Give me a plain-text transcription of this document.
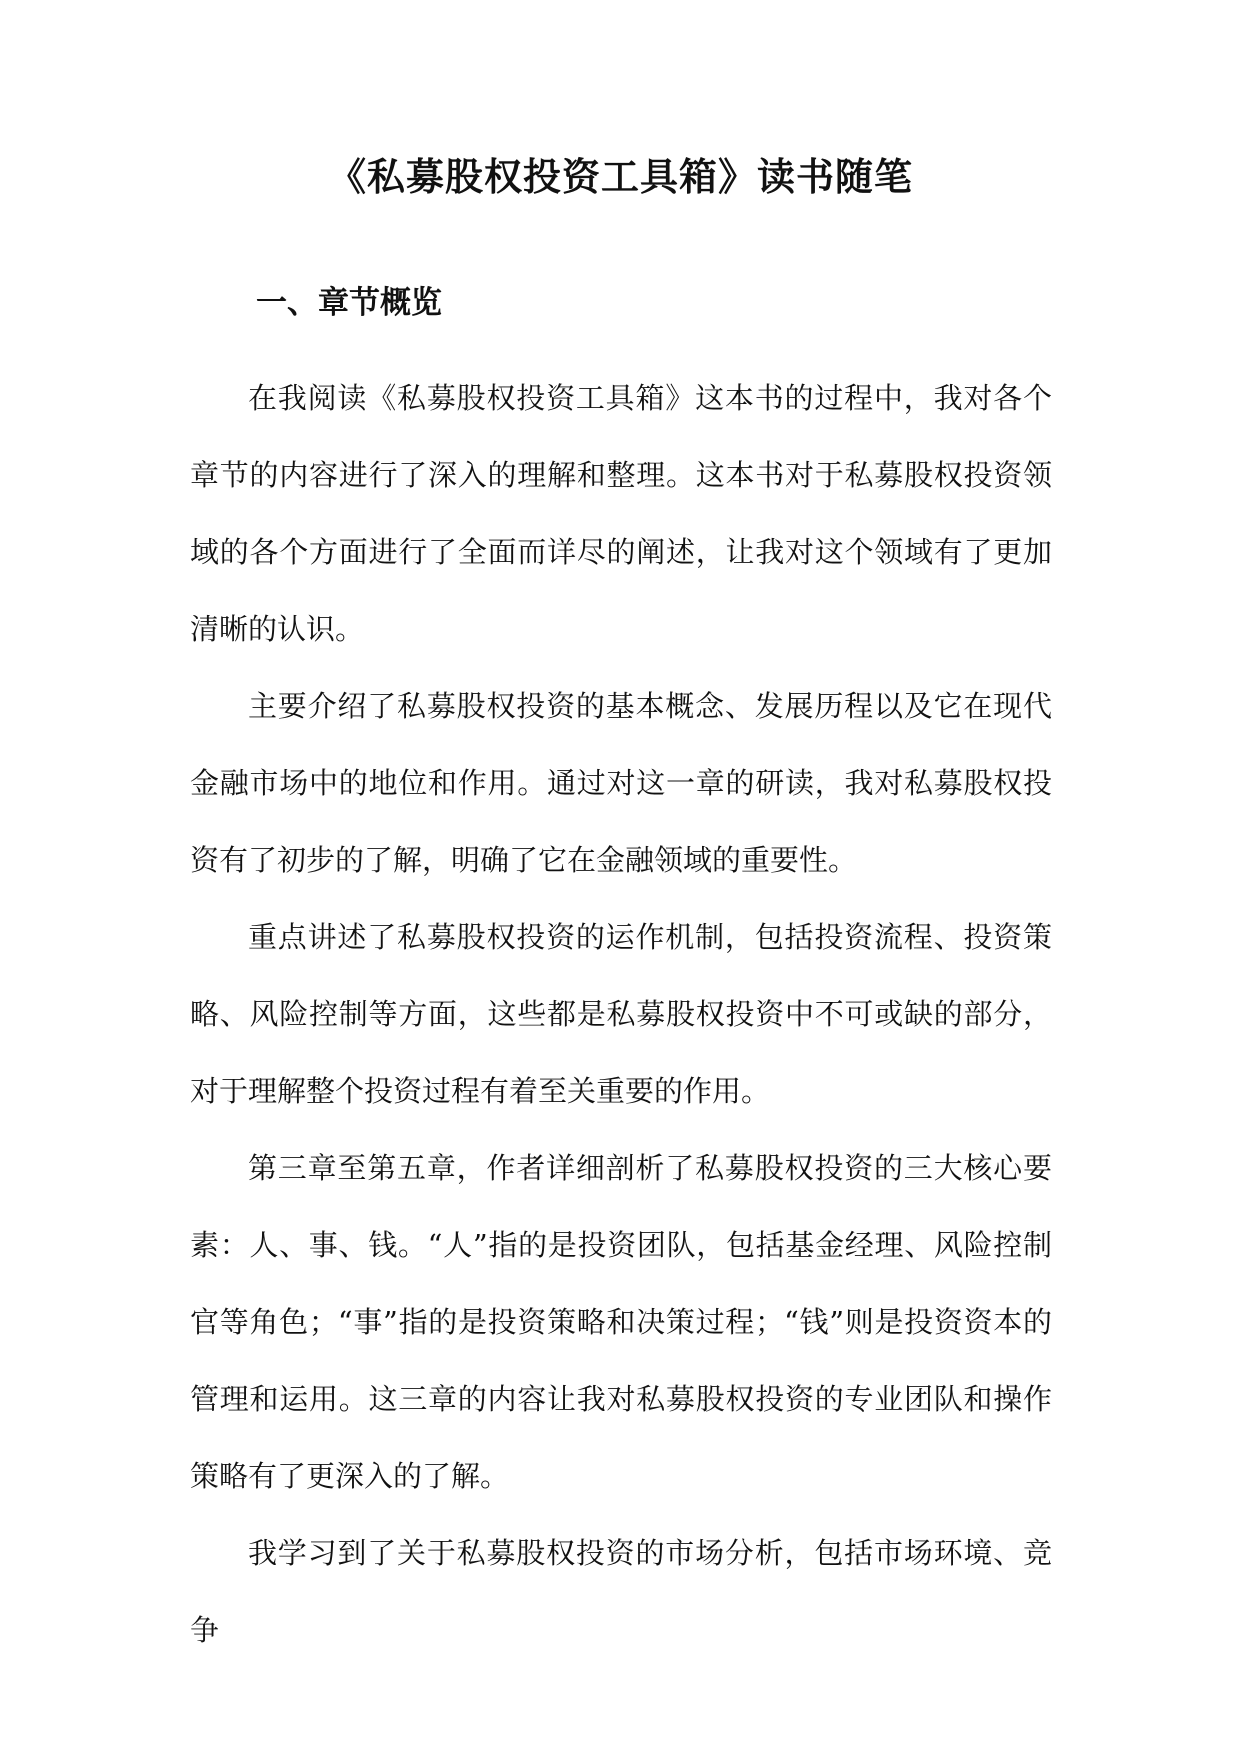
《私募股权投资工具箱》读书随笔
一、章节概览

在我阅读《私募股权投资工具箱》这本书的过程中，我对各个章节的内容进行了深入的理解和整理。这本书对于私募股权投资领域的各个方面进行了全面而详尽的阐述，让我对这个领域有了更加清晰的认识。

主要介绍了私募股权投资的基本概念、发展历程以及它在现代金融市场中的地位和作用。通过对这一章的研读，我对私募股权投资有了初步的了解，明确了它在金融领域的重要性。

重点讲述了私募股权投资的运作机制，包括投资流程、投资策略、风险控制等方面，这些都是私募股权投资中不可或缺的部分，对于理解整个投资过程有着至关重要的作用。

第三章至第五章，作者详细剖析了私募股权投资的三大核心要素：人、事、钱。“人”指的是投资团队，包括基金经理、风险控制官等角色；“事”指的是投资策略和决策过程；“钱”则是投资资本的管理和运用。这三章的内容让我对私募股权投资的专业团队和操作策略有了更深入的了解。

我学习到了关于私募股权投资的市场分析，包括市场环境、竞争
